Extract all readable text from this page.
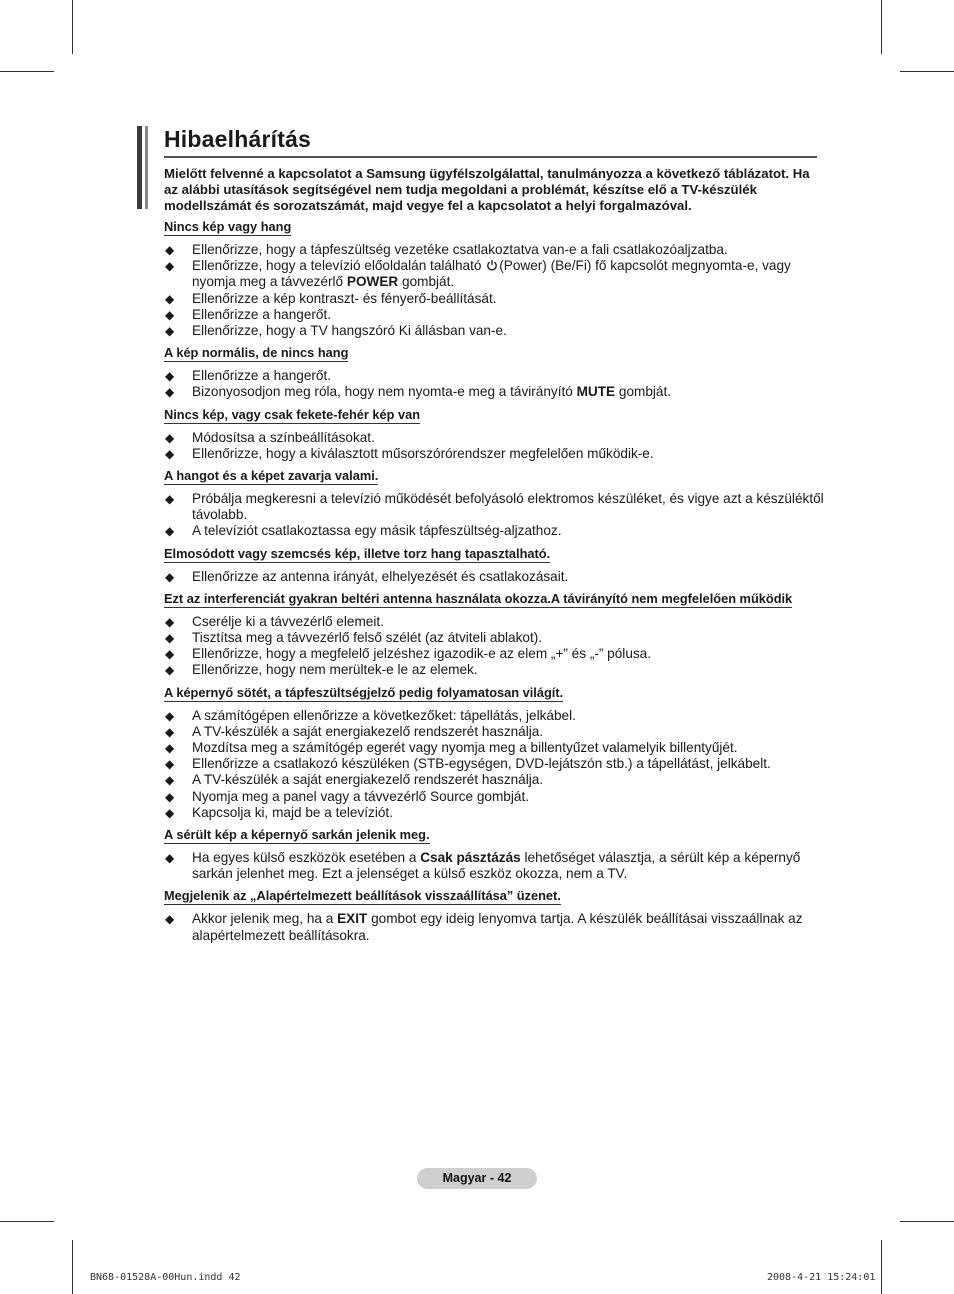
Hibaelhárítás

Mielőtt felvenné a kapcsolatot a Samsung ügyfélszolgálattal, tanulmányozza a következő táblázatot. Ha az alábbi utasítások segítségével nem tudja megoldani a problémát, készítse elő a TV-készülék modellszámát és sorozatszámát, majd vegye fel a kapcsolatot a helyi forgalmazóval.

Nincs kép vagy hang
◆ Ellenőrizze, hogy a tápfeszültség vezetéke csatlakoztatva van-e a fali csatlakozóaljzatba.
◆ Ellenőrizze, hogy a televízió előoldalán található (Power) (Be/Fi) fő kapcsolót megnyomta-e, vagy nyomja meg a távvezérlő POWER gombját.
◆ Ellenőrizze a kép kontraszt- és fényerő-beállítását.
◆ Ellenőrizze a hangerőt.
◆ Ellenőrizze, hogy a TV hangszóró Ki állásban van-e.
A kép normális, de nincs hang
◆ Ellenőrizze a hangerőt.
◆ Bizonyosodjon meg róla, hogy nem nyomta-e meg a távirányító MUTE gombját.
Nincs kép, vagy csak fekete-fehér kép van
◆ Módosítsa a színbeállításokat.
◆ Ellenőrizze, hogy a kiválasztott műsorszórórendszer megfelelően működik-e.
A hangot és a képet zavarja valami.
◆ Próbálja megkeresni a televízió működését befolyásoló elektromos készüléket, és vigye azt a készüléktől távolabb.
◆ A televíziót csatlakoztassa egy másik tápfeszültség-aljzathoz.
Elmosódott vagy szemcsés kép, illetve torz hang tapasztalható.
◆ Ellenőrizze az antenna irányát, elhelyezését és csatlakozásait.
Ezt az interferenciát gyakran beltéri antenna használata okozza.A távirányító nem megfelelően működik
◆ Cserélje ki a távvezérlő elemeit.
◆ Tisztítsa meg a távvezérlő felső szélét (az átviteli ablakot).
◆ Ellenőrizze, hogy a megfelelő jelzéshez igazodik-e az elem „+” és „-” pólusa.
◆ Ellenőrizze, hogy nem merültek-e le az elemek.
A képernyő sötét, a tápfeszültségjelző pedig folyamatosan világít.
◆ A számítógépen ellenőrizze a következőket: tápellátás, jelkábel.
◆ A TV-készülék a saját energiakezelő rendszerét használja.
◆ Mozdítsa meg a számítógép egerét vagy nyomja meg a billentyűzet valamelyik billentyűjét.
◆ Ellenőrizze a csatlakozó készüléken (STB-egységen, DVD-lejátszón stb.) a tápellátást, jelkábelt.
◆ A TV-készülék a saját energiakezelő rendszerét használja.
◆ Nyomja meg a panel vagy a távvezérlő Source gombját.
◆ Kapcsolja ki, majd be a televíziót.
A sérült kép a képernyő sarkán jelenik meg.
◆ Ha egyes külső eszközök esetében a Csak pásztázás lehetőséget választja, a sérült kép a képernyő sarkán jelenhet meg. Ezt a jelenséget a külső eszköz okozza, nem a TV.
Megjelenik az „Alapértelmezett beállítások visszaállítása” üzenet.
◆ Akkor jelenik meg, ha a EXIT gombot egy ideig lenyomva tartja. A készülék beállításai visszaállnak az alapértelmezett beállításokra.
Magyar - 42
BN68-01528A-00Hun.indd 42	2008-4-21 15:24:01
